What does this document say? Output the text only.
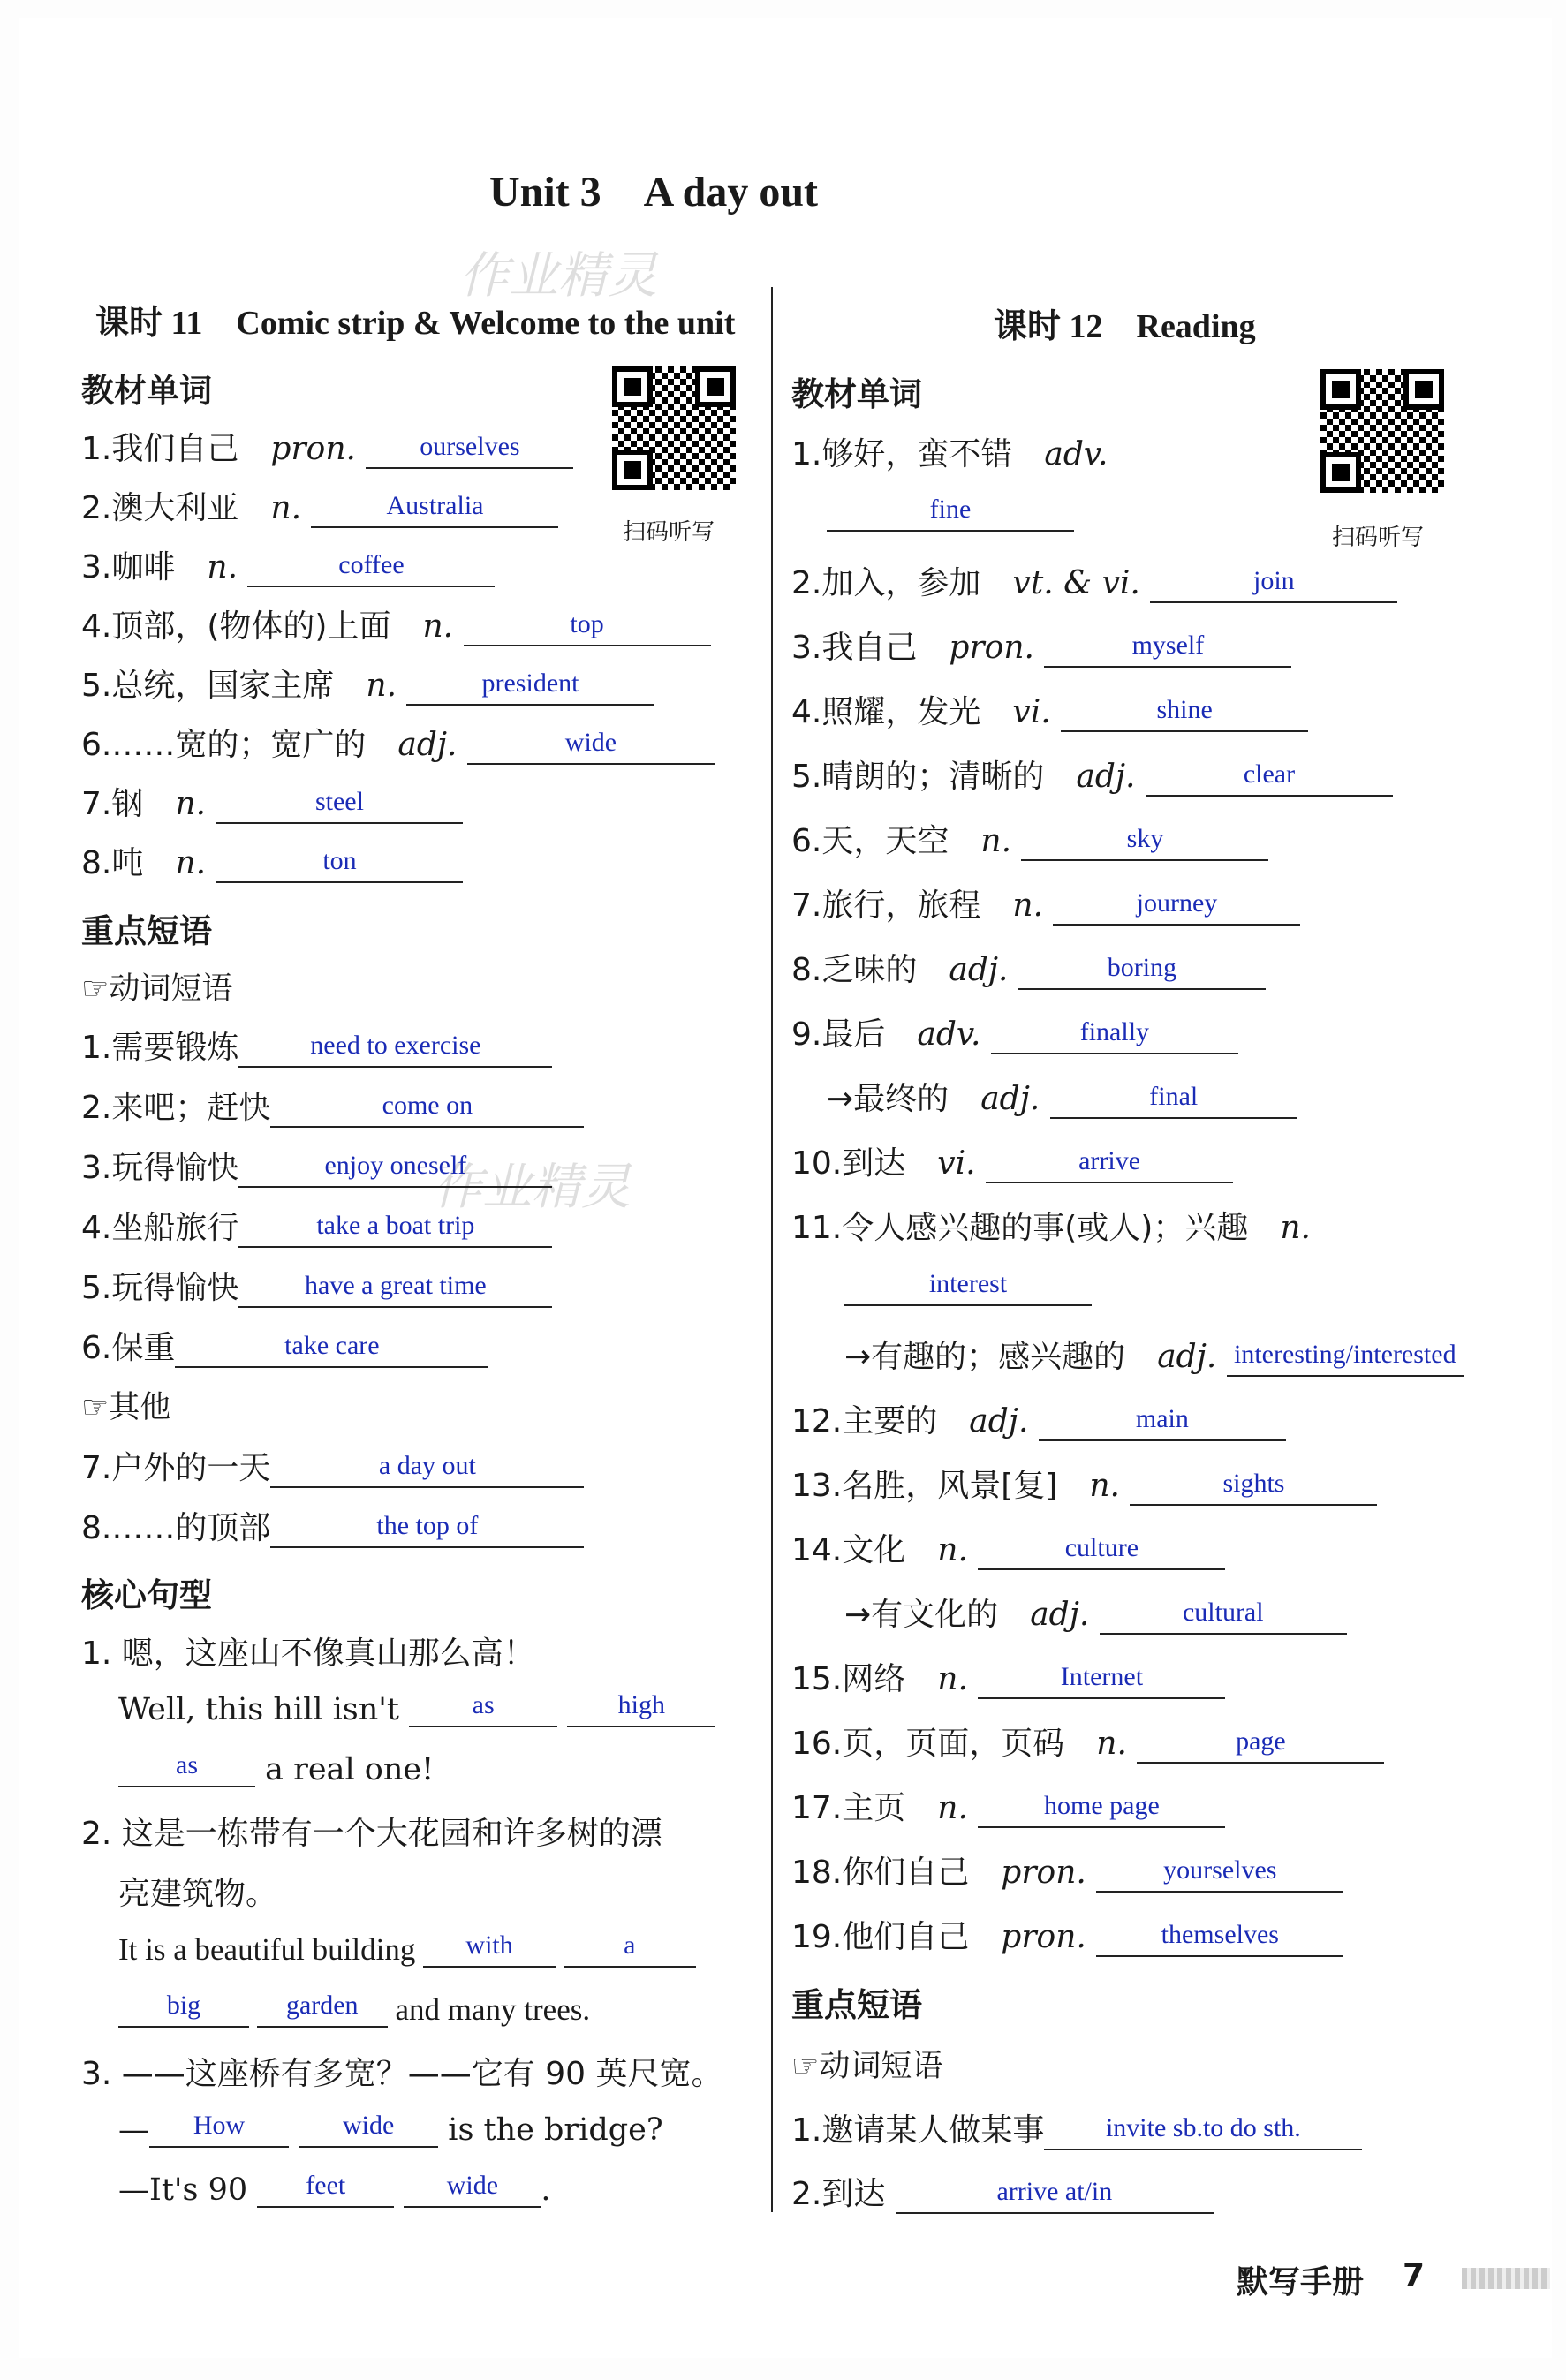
Unit 3　A day out
作业精灵
作业精灵
课时 11　Comic strip & Welcome to the unit
扫码听写
教材单词
1.我们自己　 pron.	ourselves
2.澳大利亚　 n.	Australia
3.咖啡　 n.	coffee
4.顶部，(物体的)上面　 n.	top
5.总统，国家主席　 n.	president
6.……宽的；宽广的　 adj.	wide
7.钢　 n.	steel
8.吨　 n.	ton
重点短语
☞动词短语
1.需要锻炼	need to exercise
2.来吧；赶快	come on
3.玩得愉快	enjoy oneself
4.坐船旅行	take a boat trip
5.玩得愉快	have a great time
6.保重	take care
☞其他
7.户外的一天	a day out
8.……的顶部	the top of
核心句型
1. 嗯，这座山不像真山那么高！
Well, this hill isn't	as
	high
as	a real one!
2. 这是一栋带有一个大花园和许多树的漂
亮建筑物。
It is a beautiful building	with
	a
big
	garden	and many trees.
3. ——这座桥有多宽？——它有 90 英尺宽。
—	How
	wide	is the bridge?
—It's 90	feet
	wide	.
课时 12　Reading
扫码听写
教材单词
1.够好，蛮不错　 adv.
fine
2.加入，参加　 vt. & vi.	join
3.我自己　 pron.	myself
4.照耀，发光　 vi.	shine
5.晴朗的；清晰的　 adj.	clear
6.天，天空　 n.	sky
7.旅行，旅程　 n.	journey
8.乏味的　 adj.	boring
9.最后　 adv.	finally
→最终的　 adj.	final
10.到达　 vi.	arrive
11.令人感兴趣的事(或人)；兴趣　 n.
interest
→有趣的；感兴趣的　 adj. interesting/interested
12.主要的　 adj.	main
13.名胜，风景[复]　 n.	sights
14.文化　 n.	culture
→有文化的　 adj.	cultural
15.网络　 n.	Internet
16.页，页面，页码　 n.	page
17.主页　 n.	home page
18.你们自己　 pron.	yourselves
19.他们自己　 pron.	themselves
重点短语
☞动词短语
1.邀请某人做某事	invite sb.to do sth.
2.到达	arrive at/in
默写手册 7
